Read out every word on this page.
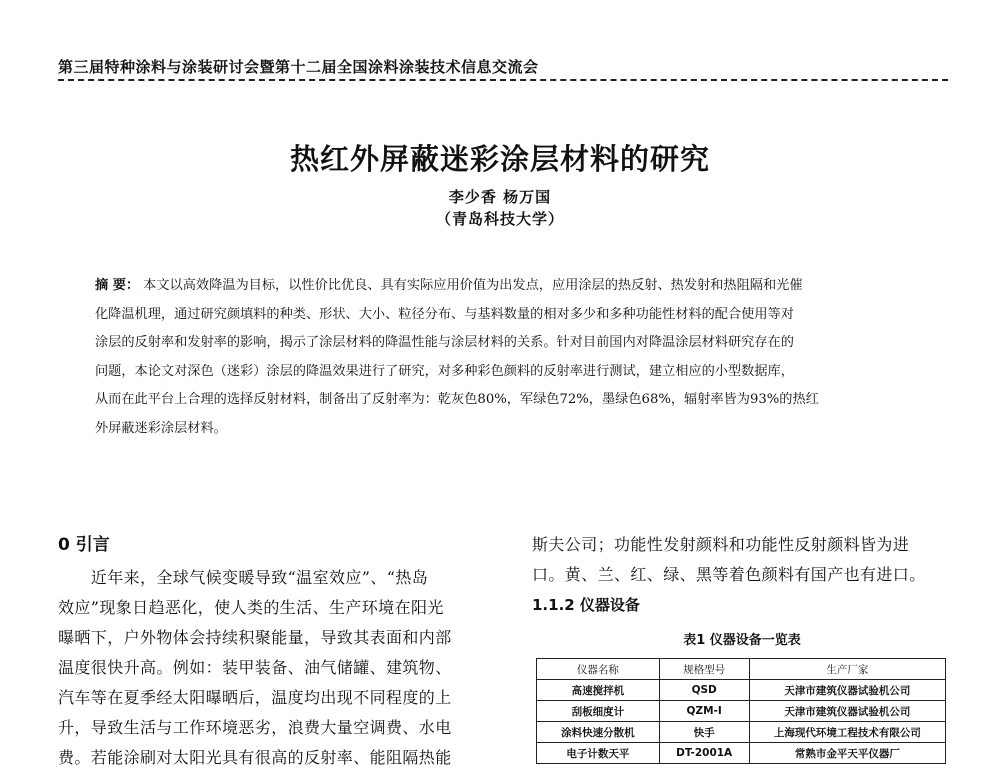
第三届特种涂料与涂装研讨会暨第十二届全国涂料涂装技术信息交流会
热红外屏蔽迷彩涂层材料的研究
李少香 杨万国
（青岛科技大学）
摘 要： 本文以高效降温为目标，以性价比优良、具有实际应用价值为出发点，应用涂层的热反射、热发射和热阻隔和光催
化降温机理，通过研究颜填料的种类、形状、大小、粒径分布、与基料数量的相对多少和多种功能性材料的配合使用等对
涂层的反射率和发射率的影响，揭示了涂层材料的降温性能与涂层材料的关系。针对目前国内对降温涂层材料研究存在的
问题，本论文对深色（迷彩）涂层的降温效果进行了研究，对多种彩色颜料的反射率进行测试，建立相应的小型数据库，
从而在此平台上合理的选择反射材料，制备出了反射率为：乾灰色80%，军绿色72%，墨绿色68%，辐射率皆为93%的热红
外屏蔽迷彩涂层材料。
0 引言
　　近年来，全球气候变暖导致“温室效应”、“热岛
效应”现象日趋恶化，使人类的生活、生产环境在阳光
曝晒下，户外物体会持续积聚能量，导致其表面和内部
温度很快升高。例如：装甲装备、油气储罐、建筑物、
汽车等在夏季经太阳曝晒后，温度均出现不同程度的上
升，导致生活与工作环境恶劣，浪费大量空调费、水电
费。若能涂刷对太阳光具有很高的反射率、能阻隔热能
斯夫公司；功能性发射颜料和功能性反射颜料皆为进
口。黄、兰、红、绿、黑等着色颜料有国产也有进口。
1.1.2 仪器设备
表1 仪器设备一览表
仪器名称	规格型号	生产厂家
高速搅拌机	QSD	天津市建筑仪器试验机公司
刮板细度计	QZM-Ⅰ	天津市建筑仪器试验机公司
涂料快速分散机	快手	上海现代环境工程技术有限公司
电子计数天平	DT-2001A	常熟市金平天平仪器厂
